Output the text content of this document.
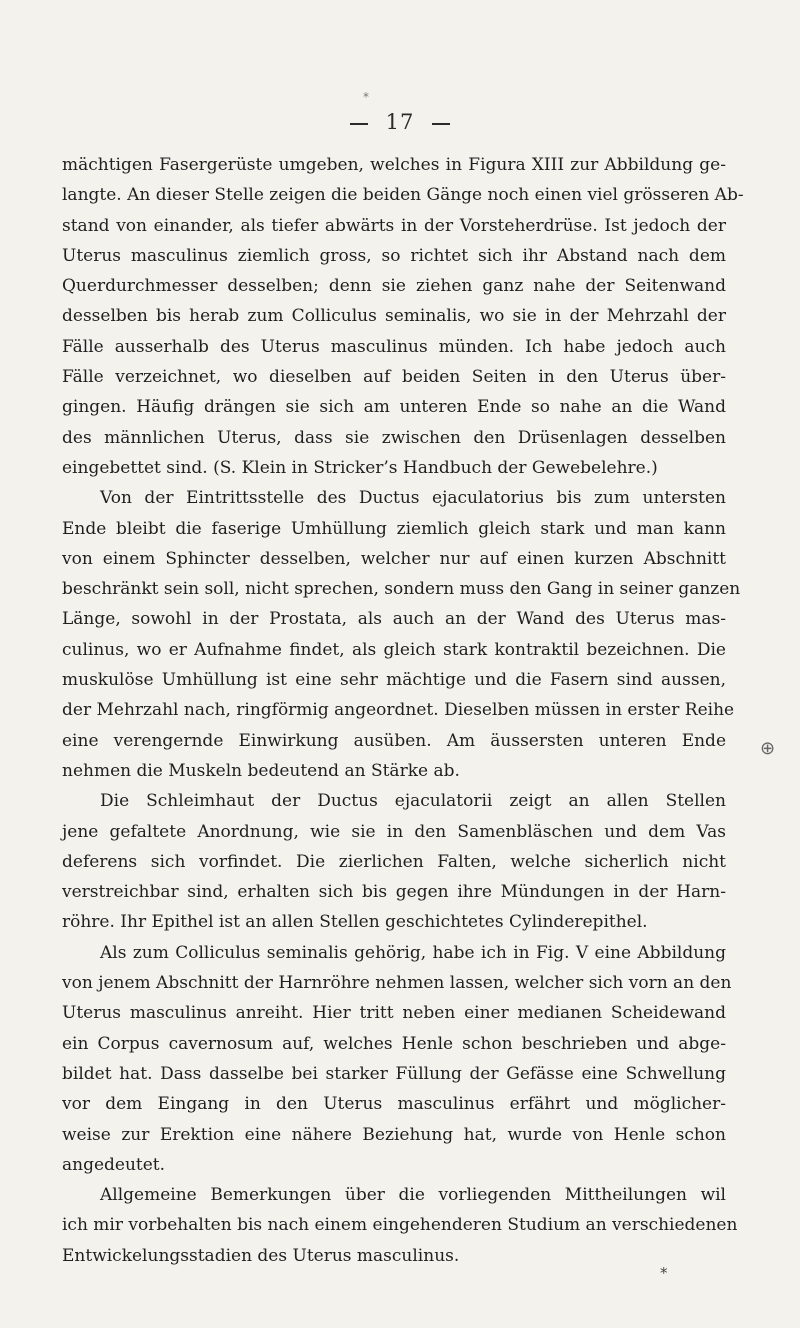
17
*
⊕
*
mächtigen Fasergerüste umgeben, welches in Figura XIII zur Abbildung ge-
langte. An dieser Stelle zeigen die beiden Gänge noch einen viel grösseren Ab-
stand von einander, als tiefer abwärts in der Vorsteherdrüse. Ist jedoch der
Uterus masculinus ziemlich gross, so richtet sich ihr Abstand nach dem
Querdurchmesser desselben; denn sie ziehen ganz nahe der Seitenwand
desselben bis herab zum Colliculus seminalis, wo sie in der Mehrzahl der
Fälle ausserhalb des Uterus masculinus münden. Ich habe jedoch auch
Fälle verzeichnet, wo dieselben auf beiden Seiten in den Uterus über-
gingen. Häufig drängen sie sich am unteren Ende so nahe an die Wand
des männlichen Uterus, dass sie zwischen den Drüsenlagen desselben
eingebettet sind. (S. Klein in Stricker’s Handbuch der Gewebelehre.)
Von der Eintrittsstelle des Ductus ejaculatorius bis zum untersten
Ende bleibt die faserige Umhüllung ziemlich gleich stark und man kann
von einem Sphincter desselben, welcher nur auf einen kurzen Abschnitt
beschränkt sein soll, nicht sprechen, sondern muss den Gang in seiner ganzen
Länge, sowohl in der Prostata, als auch an der Wand des Uterus mas-
culinus, wo er Aufnahme findet, als gleich stark kontraktil bezeichnen. Die
muskulöse Umhüllung ist eine sehr mächtige und die Fasern sind aussen,
der Mehrzahl nach, ringförmig angeordnet. Dieselben müssen in erster Reihe
eine verengernde Einwirkung ausüben. Am äussersten unteren Ende
nehmen die Muskeln bedeutend an Stärke ab.
Die Schleimhaut der Ductus ejaculatorii zeigt an allen Stellen
jene gefaltete Anordnung, wie sie in den Samenbläschen und dem Vas
deferens sich vorfindet. Die zierlichen Falten, welche sicherlich nicht
verstreichbar sind, erhalten sich bis gegen ihre Mündungen in der Harn-
röhre. Ihr Epithel ist an allen Stellen geschichtetes Cylinderepithel.
Als zum Colliculus seminalis gehörig, habe ich in Fig. V eine Abbildung
von jenem Abschnitt der Harnröhre nehmen lassen, welcher sich vorn an den
Uterus masculinus anreiht. Hier tritt neben einer medianen Scheidewand
ein Corpus cavernosum auf, welches Henle schon beschrieben und abge-
bildet hat. Dass dasselbe bei starker Füllung der Gefässe eine Schwellung
vor dem Eingang in den Uterus masculinus erfährt und möglicher-
weise zur Erektion eine nähere Beziehung hat, wurde von Henle schon
angedeutet.
Allgemeine Bemerkungen über die vorliegenden Mittheilungen wil
ich mir vorbehalten bis nach einem eingehenderen Studium an verschiedenen
Entwickelungsstadien des Uterus masculinus.
